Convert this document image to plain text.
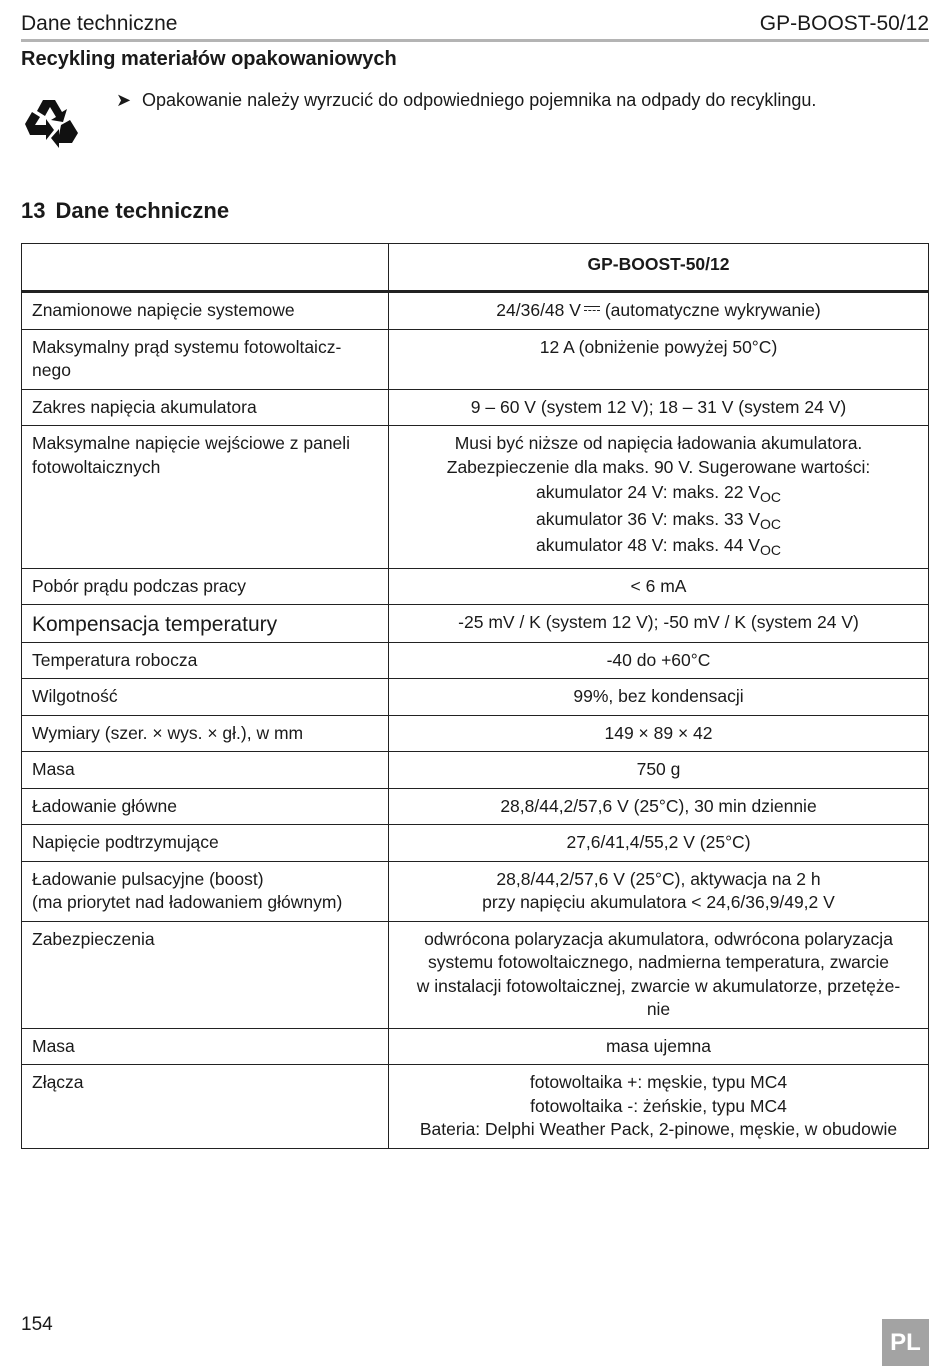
Dane techniczne	GP-BOOST-50/12
Recykling materiałów opakowaniowych
➤ Opakowanie należy wyrzucić do odpowiedniego pojemnika na odpady do recyklingu.
13 Dane techniczne
	GP-BOOST-50/12
Znamionowe napięcie systemowe	24/36/48 V (automatyczne wykrywanie)

Maksymalny prąd systemu fotowoltaicz-
nego	12 A (obniżenie powyżej 50°C)

Zakres napięcia akumulatora	9 – 60 V (system 12 V); 18 – 31 V (system 24 V)

Maksymalne napięcie wejściowe z paneli
fotowoltaicznych	Musi być niższe od napięcia ładowania akumulatora.
Zabezpieczenie dla maks. 90 V. Sugerowane wartości:
akumulator 24 V: maks. 22 $V_{OC}$
akumulator 36 V: maks. 33 $V_{OC}$
akumulator 48 V: maks. 44 $V_{OC}$

Pobór prądu podczas pracy	< 6 mA
Kompensacja temperatury	-25 mV / K (system 12 V); -50 mV / K (system 24 V)
Temperatura robocza	-40 do +60°C
Wilgotność	99%, bez kondensacji
Wymiary (szer. × wys. × gł.), w mm	149 × 89 × 42
Masa	750 g
Ładowanie główne	28,8/44,2/57,6 V (25°C), 30 min dziennie
Napięcie podtrzymujące	27,6/41,4/55,2 V (25°C)

Ładowanie pulsacyjne (boost)
(ma priorytet nad ładowaniem głównym)	28,8/44,2/57,6 V (25°C), aktywacja na 2 h
przy napięciu akumulatora < 24,6/36,9/49,2 V

Zabezpieczenia	odwrócona polaryzacja akumulatora, odwrócona polaryzacja
systemu fotowoltaicznego, nadmierna temperatura, zwarcie
w instalacji fotowoltaicznej, zwarcie w akumulatorze, przetęże-
nie

Masa	masa ujemna
Złącza	fotowoltaika +: męskie, typu MC4
fotowoltaika -: żeńskie, typu MC4
Bateria: Delphi Weather Pack, 2-pinowe, męskie, w obudowie
154
PL
